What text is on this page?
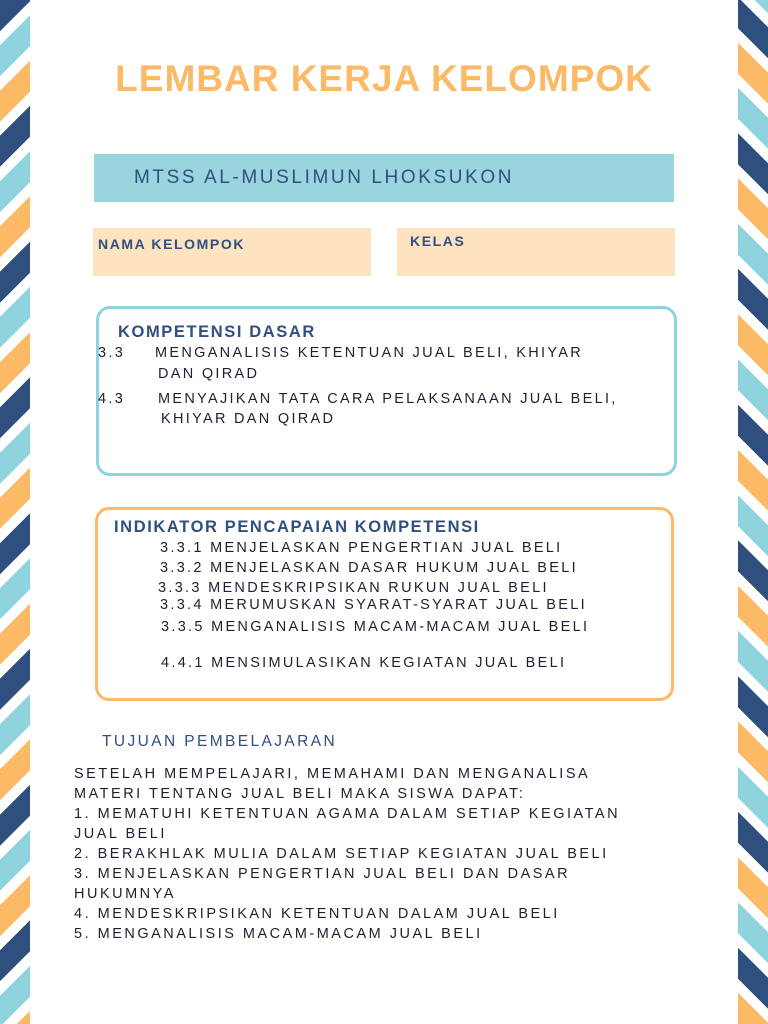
LEMBAR KERJA KELOMPOK
MTSS AL-MUSLIMUN LHOKSUKON
NAMA KELOMPOK	KELAS
KOMPETENSI DASAR
3.3 MENGANALISIS KETENTUAN JUAL BELI, KHIYAR
DAN QIRAD
4.3 MENYAJIKAN TATA CARA PELAKSANAAN JUAL BELI,
KHIYAR DAN QIRAD
INDIKATOR PENCAPAIAN KOMPETENSI
3.3.1 MENJELASKAN PENGERTIAN JUAL BELI
3.3.2 MENJELASKAN DASAR HUKUM JUAL BELI
3.3.3 MENDESKRIPSIKAN RUKUN JUAL BELI
3.3.4 MERUMUSKAN SYARAT-SYARAT JUAL BELI
3.3.5 MENGANALISIS MACAM-MACAM JUAL BELI
4.4.1 MENSIMULASIKAN KEGIATAN JUAL BELI
TUJUAN PEMBELAJARAN
SETELAH MEMPELAJARI, MEMAHAMI DAN MENGANALISA
MATERI TENTANG JUAL BELI MAKA SISWA DAPAT:
1. MEMATUHI KETENTUAN AGAMA DALAM SETIAP KEGIATAN
JUAL BELI
2. BERAKHLAK MULIA DALAM SETIAP KEGIATAN JUAL BELI
3. MENJELASKAN PENGERTIAN JUAL BELI DAN DASAR
HUKUMNYA
4. MENDESKRIPSIKAN KETENTUAN DALAM JUAL BELI
5. MENGANALISIS MACAM-MACAM JUAL BELI
